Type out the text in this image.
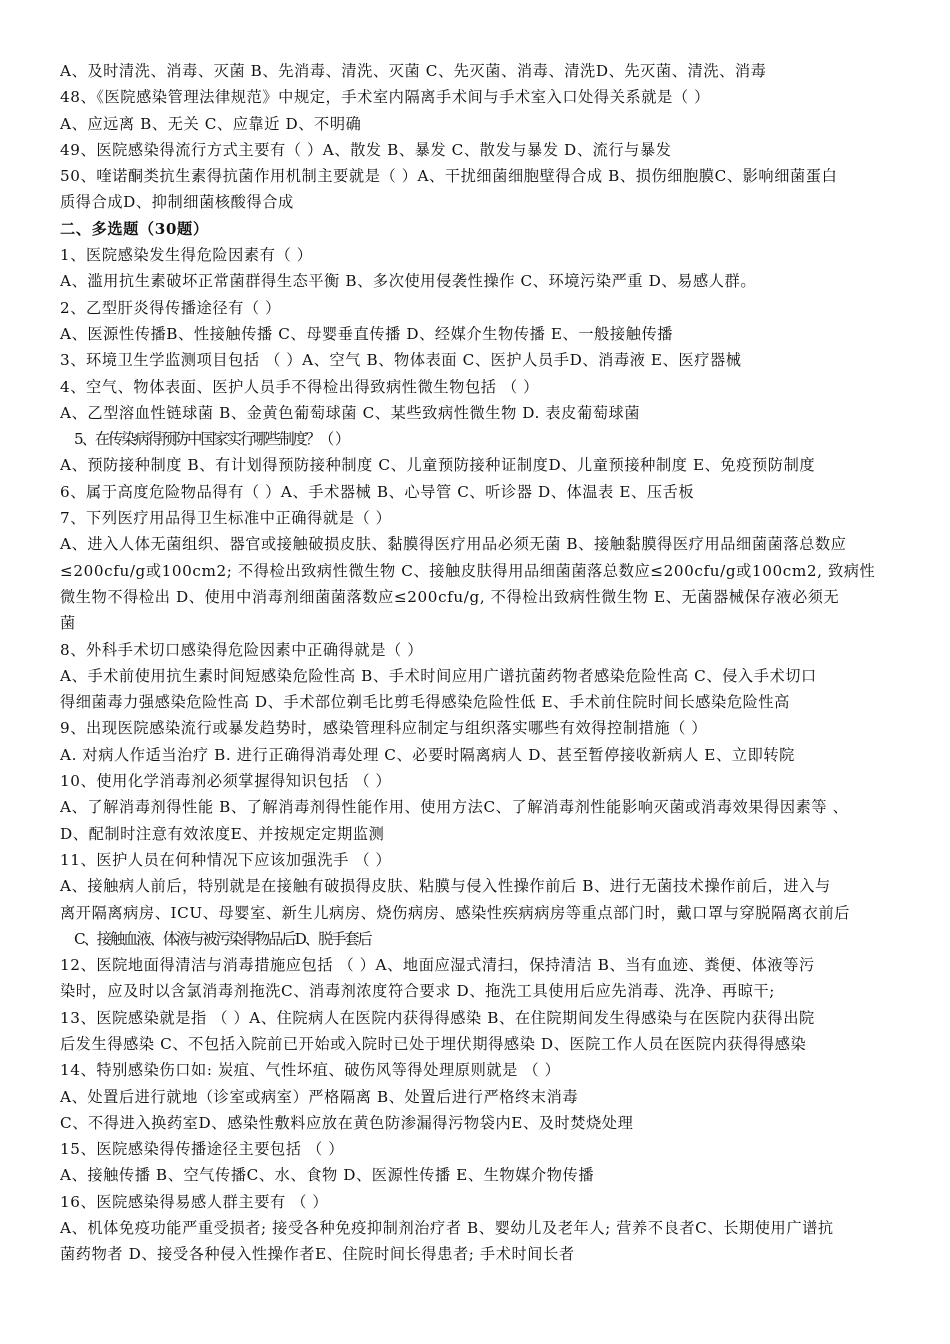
A、及时清洗、消毒、灭菌 B、先消毒、清洗、灭菌 C、先灭菌、消毒、清洗D、先灭菌、清洗、消毒
48、《医院感染管理法律规范》中规定，手术室内隔离手术间与手术室入口处得关系就是（ ）
A、应远离 B、无关 C、应靠近 D、不明确
49、医院感染得流行方式主要有（ ）A、散发 B、暴发 C、散发与暴发 D、流行与暴发
50、喹诺酮类抗生素得抗菌作用机制主要就是（ ）A、干扰细菌细胞壁得合成 B、损伤细胞膜C、影响细菌蛋白
质得合成D、抑制细菌核酸得合成
二、多选题（30题）
1、医院感染发生得危险因素有（ ）
A、滥用抗生素破坏正常菌群得生态平衡 B、多次使用侵袭性操作 C、环境污染严重 D、易感人群。
2、乙型肝炎得传播途径有（ ）
A、医源性传播B、性接触传播 C、母婴垂直传播 D、经媒介生物传播 E、一般接触传播
3、环境卫生学监测项目包括 （ ）A、空气 B、物体表面 C、医护人员手D、消毒液 E、医疗器械
4、空气、物体表面、医护人员手不得检出得致病性微生物包括 （ ）
A、乙型溶血性链球菌 B、金黄色葡萄球菌 C、某些致病性微生物 D. 表皮葡萄球菌
5、在传染病得预防中国家实行哪些制度？（ ）
A、预防接种制度 B、有计划得预防接种制度 C、儿童预防接种证制度D、儿童预接种制度 E、免疫预防制度
6、属于高度危险物品得有（ ）A、手术器械 B、心导管 C、听诊器 D、体温表 E、压舌板
7、下列医疗用品得卫生标准中正确得就是（ ）
A、进入人体无菌组织、器官或接触破损皮肤、黏膜得医疗用品必须无菌 B、接触黏膜得医疗用品细菌菌落总数应
≤200cfu/g或100cm2; 不得检出致病性微生物 C、接触皮肤得用品细菌菌落总数应≤200cfu/g或100cm2, 致病性
微生物不得检出 D、使用中消毒剂细菌菌落数应≤200cfu/g, 不得检出致病性微生物 E、无菌器械保存液必须无
菌
8、外科手术切口感染得危险因素中正确得就是（ ）
A、手术前使用抗生素时间短感染危险性高 B、手术时间应用广谱抗菌药物者感染危险性高 C、侵入手术切口
得细菌毒力强感染危险性高 D、手术部位剃毛比剪毛得感染危险性低 E、手术前住院时间长感染危险性高
9、出现医院感染流行或暴发趋势时，感染管理科应制定与组织落实哪些有效得控制措施（ ）
A. 对病人作适当治疗 B. 进行正确得消毒处理 C、必要时隔离病人 D、甚至暂停接收新病人 E、立即转院
10、使用化学消毒剂必须掌握得知识包括 （ ）
A、了解消毒剂得性能 B、了解消毒剂得性能作用、使用方法C、了解消毒剂性能影响灭菌或消毒效果得因素等 、
D、配制时注意有效浓度E、并按规定定期监测
11、医护人员在何种情况下应该加强洗手 （ ）
A、接触病人前后，特别就是在接触有破损得皮肤、粘膜与侵入性操作前后 B、进行无菌技术操作前后，进入与
离开隔离病房、ICU、母婴室、新生儿病房、烧伤病房、感染性疾病病房等重点部门时，戴口罩与穿脱隔离衣前后
C、接触血液、体液与被污染得物品后D、脱手套后
12、医院地面得清洁与消毒措施应包括 （ ）A、地面应湿式清扫，保持清洁 B、当有血迹、粪便、体液等污
染时，应及时以含氯消毒剂拖洗C、消毒剂浓度符合要求 D、拖洗工具使用后应先消毒、洗净、再晾干;
13、医院感染就是指 （ ）A、住院病人在医院内获得得感染 B、在住院期间发生得感染与在医院内获得出院
后发生得感染 C、不包括入院前已开始或入院时已处于埋伏期得感染 D、医院工作人员在医院内获得得感染
14、特别感染伤口如: 炭疽、气性坏疽、破伤风等得处理原则就是 （ ）
A、处置后进行就地（诊室或病室）严格隔离 B、处置后进行严格终末消毒
C、不得进入换药室D、感染性敷料应放在黄色防渗漏得污物袋内E、及时焚烧处理
15、医院感染得传播途径主要包括 （ ）
A、接触传播 B、空气传播C、水、食物 D、医源性传播 E、生物媒介物传播
16、医院感染得易感人群主要有 （ ）
A、机体免疫功能严重受损者; 接受各种免疫抑制剂治疗者 B、婴幼儿及老年人; 营养不良者C、长期使用广谱抗
菌药物者 D、接受各种侵入性操作者E、住院时间长得患者; 手术时间长者
